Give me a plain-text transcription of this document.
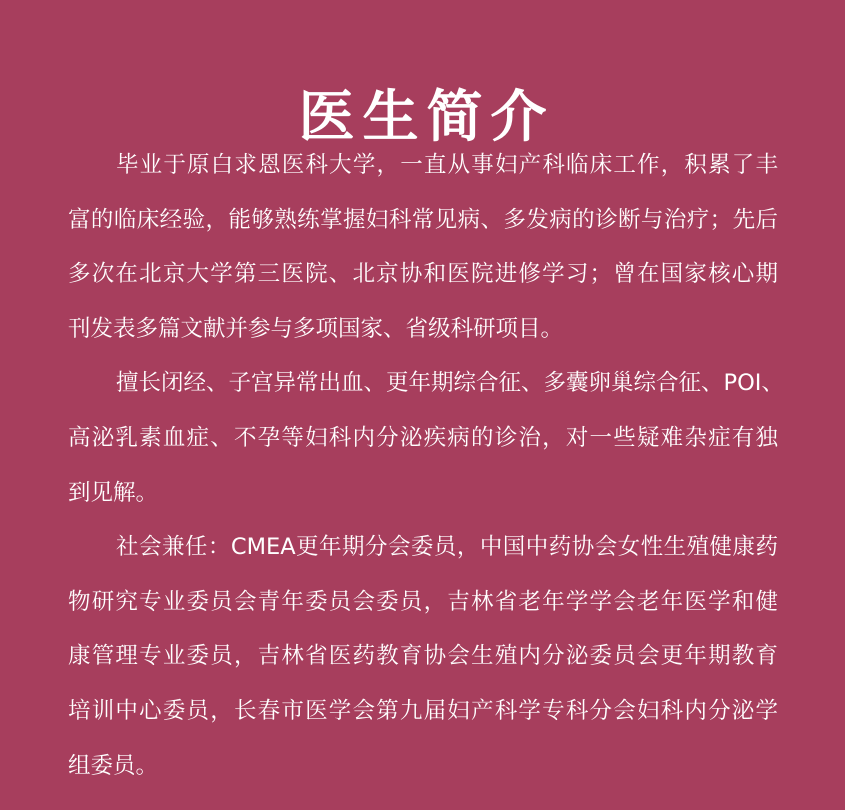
医生简介
毕业于原白求恩医科大学，一直从事妇产科临床工作，积累了丰
富的临床经验，能够熟练掌握妇科常见病、多发病的诊断与治疗；先后
多次在北京大学第三医院、北京协和医院进修学习；曾在国家核心期
刊发表多篇文献并参与多项国家、省级科研项目。
擅长闭经、子宫异常出血、更年期综合征、多囊卵巢综合征、POI、
高泌乳素血症、不孕等妇科内分泌疾病的诊治，对一些疑难杂症有独
到见解。
社会兼任：CMEA更年期分会委员，中国中药协会女性生殖健康药
物研究专业委员会青年委员会委员，吉林省老年学学会老年医学和健
康管理专业委员，吉林省医药教育协会生殖内分泌委员会更年期教育
培训中心委员，长春市医学会第九届妇产科学专科分会妇科内分泌学
组委员。
